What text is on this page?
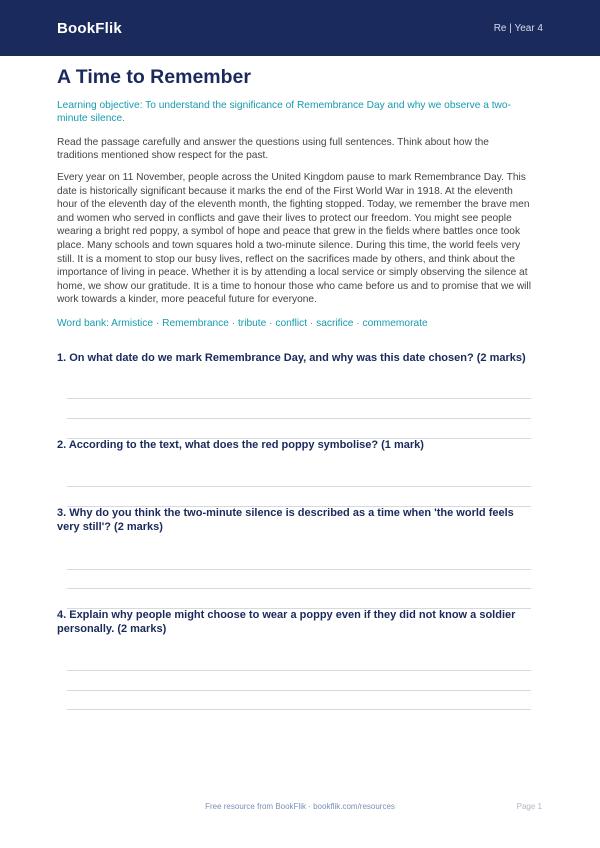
BookFlik	Re | Year 4
A Time to Remember

Learning objective: To understand the significance of Remembrance Day and why we observe a two-minute silence.

Read the passage carefully and answer the questions using full sentences. Think about how the traditions mentioned show respect for the past.

Every year on 11 November, people across the United Kingdom pause to mark Remembrance Day. This date is historically significant because it marks the end of the First World War in 1918. At the eleventh hour of the eleventh day of the eleventh month, the fighting stopped. Today, we remember the brave men and women who served in conflicts and gave their lives to protect our freedom. You might see people wearing a bright red poppy, a symbol of hope and peace that grew in the fields where battles once took place. Many schools and town squares hold a two-minute silence. During this time, the world feels very still. It is a moment to stop our busy lives, reflect on the sacrifices made by others, and think about the importance of living in peace. Whether it is by attending a local service or simply observing the silence at home, we show our gratitude. It is a time to honour those who came before us and to promise that we will work towards a kinder, more peaceful future for everyone.

Word bank: Armistice · Remembrance · tribute · conflict · sacrifice · commemorate

1. On what date do we mark Remembrance Day, and why was this date chosen? (2 marks)

2. According to the text, what does the red poppy symbolise? (1 mark)

3. Why do you think the two-minute silence is described as a time when 'the world feels very still'? (2 marks)

4. Explain why people might choose to wear a poppy even if they did not know a soldier personally. (2 marks)

Free resource from BookFlik · bookflik.com/resources	Page 1
